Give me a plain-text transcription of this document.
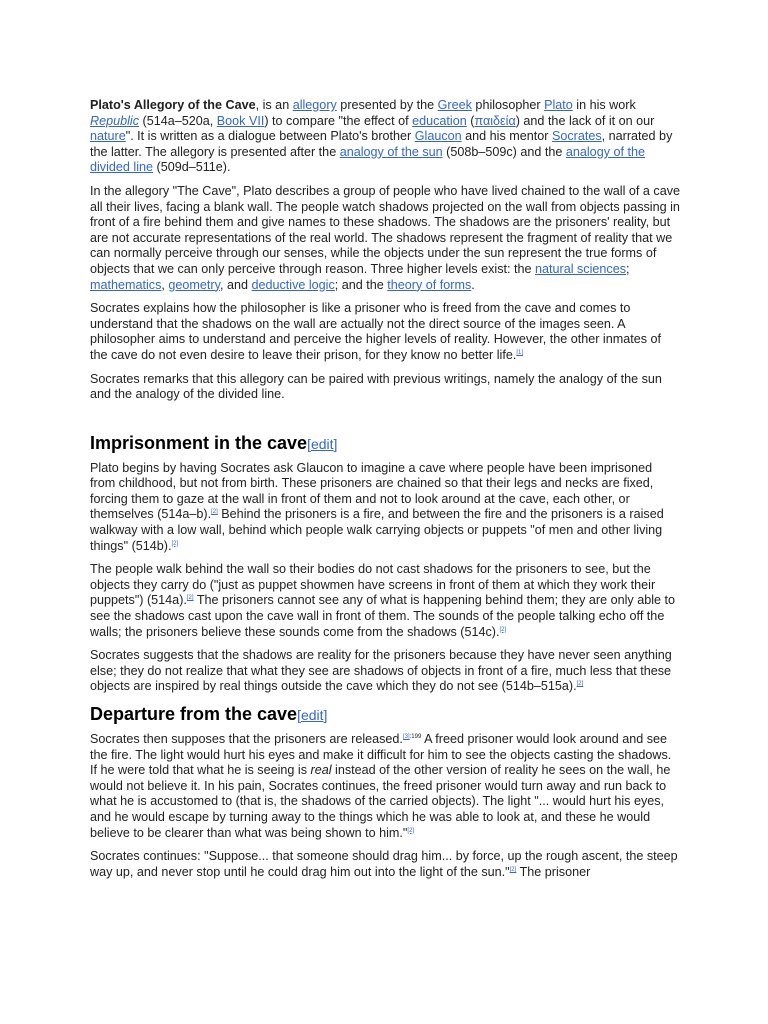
Plato's Allegory of the Cave, is an allegory presented by the Greek philosopher Plato in his work Republic (514a–520a, Book VII) to compare "the effect of education (παιδεία) and the lack of it on our nature". It is written as a dialogue between Plato's brother Glaucon and his mentor Socrates, narrated by the latter. The allegory is presented after the analogy of the sun (508b–509c) and the analogy of the divided line (509d–511e).

In the allegory "The Cave", Plato describes a group of people who have lived chained to the wall of a cave all their lives, facing a blank wall. The people watch shadows projected on the wall from objects passing in front of a fire behind them and give names to these shadows. The shadows are the prisoners' reality, but are not accurate representations of the real world. The shadows represent the fragment of reality that we can normally perceive through our senses, while the objects under the sun represent the true forms of objects that we can only perceive through reason. Three higher levels exist: the natural sciences; mathematics, geometry, and deductive logic; and the theory of forms.

Socrates explains how the philosopher is like a prisoner who is freed from the cave and comes to understand that the shadows on the wall are actually not the direct source of the images seen. A philosopher aims to understand and perceive the higher levels of reality. However, the other inmates of the cave do not even desire to leave their prison, for they know no better life.[1]

Socrates remarks that this allegory can be paired with previous writings, namely the analogy of the sun and the analogy of the divided line.

Imprisonment in the cave[edit]

Plato begins by having Socrates ask Glaucon to imagine a cave where people have been imprisoned from childhood, but not from birth. These prisoners are chained so that their legs and necks are fixed, forcing them to gaze at the wall in front of them and not to look around at the cave, each other, or themselves (514a–b).[2] Behind the prisoners is a fire, and between the fire and the prisoners is a raised walkway with a low wall, behind which people walk carrying objects or puppets "of men and other living things" (514b).[2]

The people walk behind the wall so their bodies do not cast shadows for the prisoners to see, but the objects they carry do ("just as puppet showmen have screens in front of them at which they work their puppets") (514a).[2] The prisoners cannot see any of what is happening behind them; they are only able to see the shadows cast upon the cave wall in front of them. The sounds of the people talking echo off the walls; the prisoners believe these sounds come from the shadows (514c).[2]

Socrates suggests that the shadows are reality for the prisoners because they have never seen anything else; they do not realize that what they see are shadows of objects in front of a fire, much less that these objects are inspired by real things outside the cave which they do not see (514b–515a).[2]

Departure from the cave[edit]

Socrates then supposes that the prisoners are released.$^{[3]:199}$ A freed prisoner would look around and see the fire. The light would hurt his eyes and make it difficult for him to see the objects casting the shadows. If he were told that what he is seeing is real instead of the other version of reality he sees on the wall, he would not believe it. In his pain, Socrates continues, the freed prisoner would turn away and run back to what he is accustomed to (that is, the shadows of the carried objects). The light "... would hurt his eyes, and he would escape by turning away to the things which he was able to look at, and these he would believe to be clearer than what was being shown to him."[2]

Socrates continues: "Suppose... that someone should drag him... by force, up the rough ascent, the steep way up, and never stop until he could drag him out into the light of the sun."[2] The prisoner
